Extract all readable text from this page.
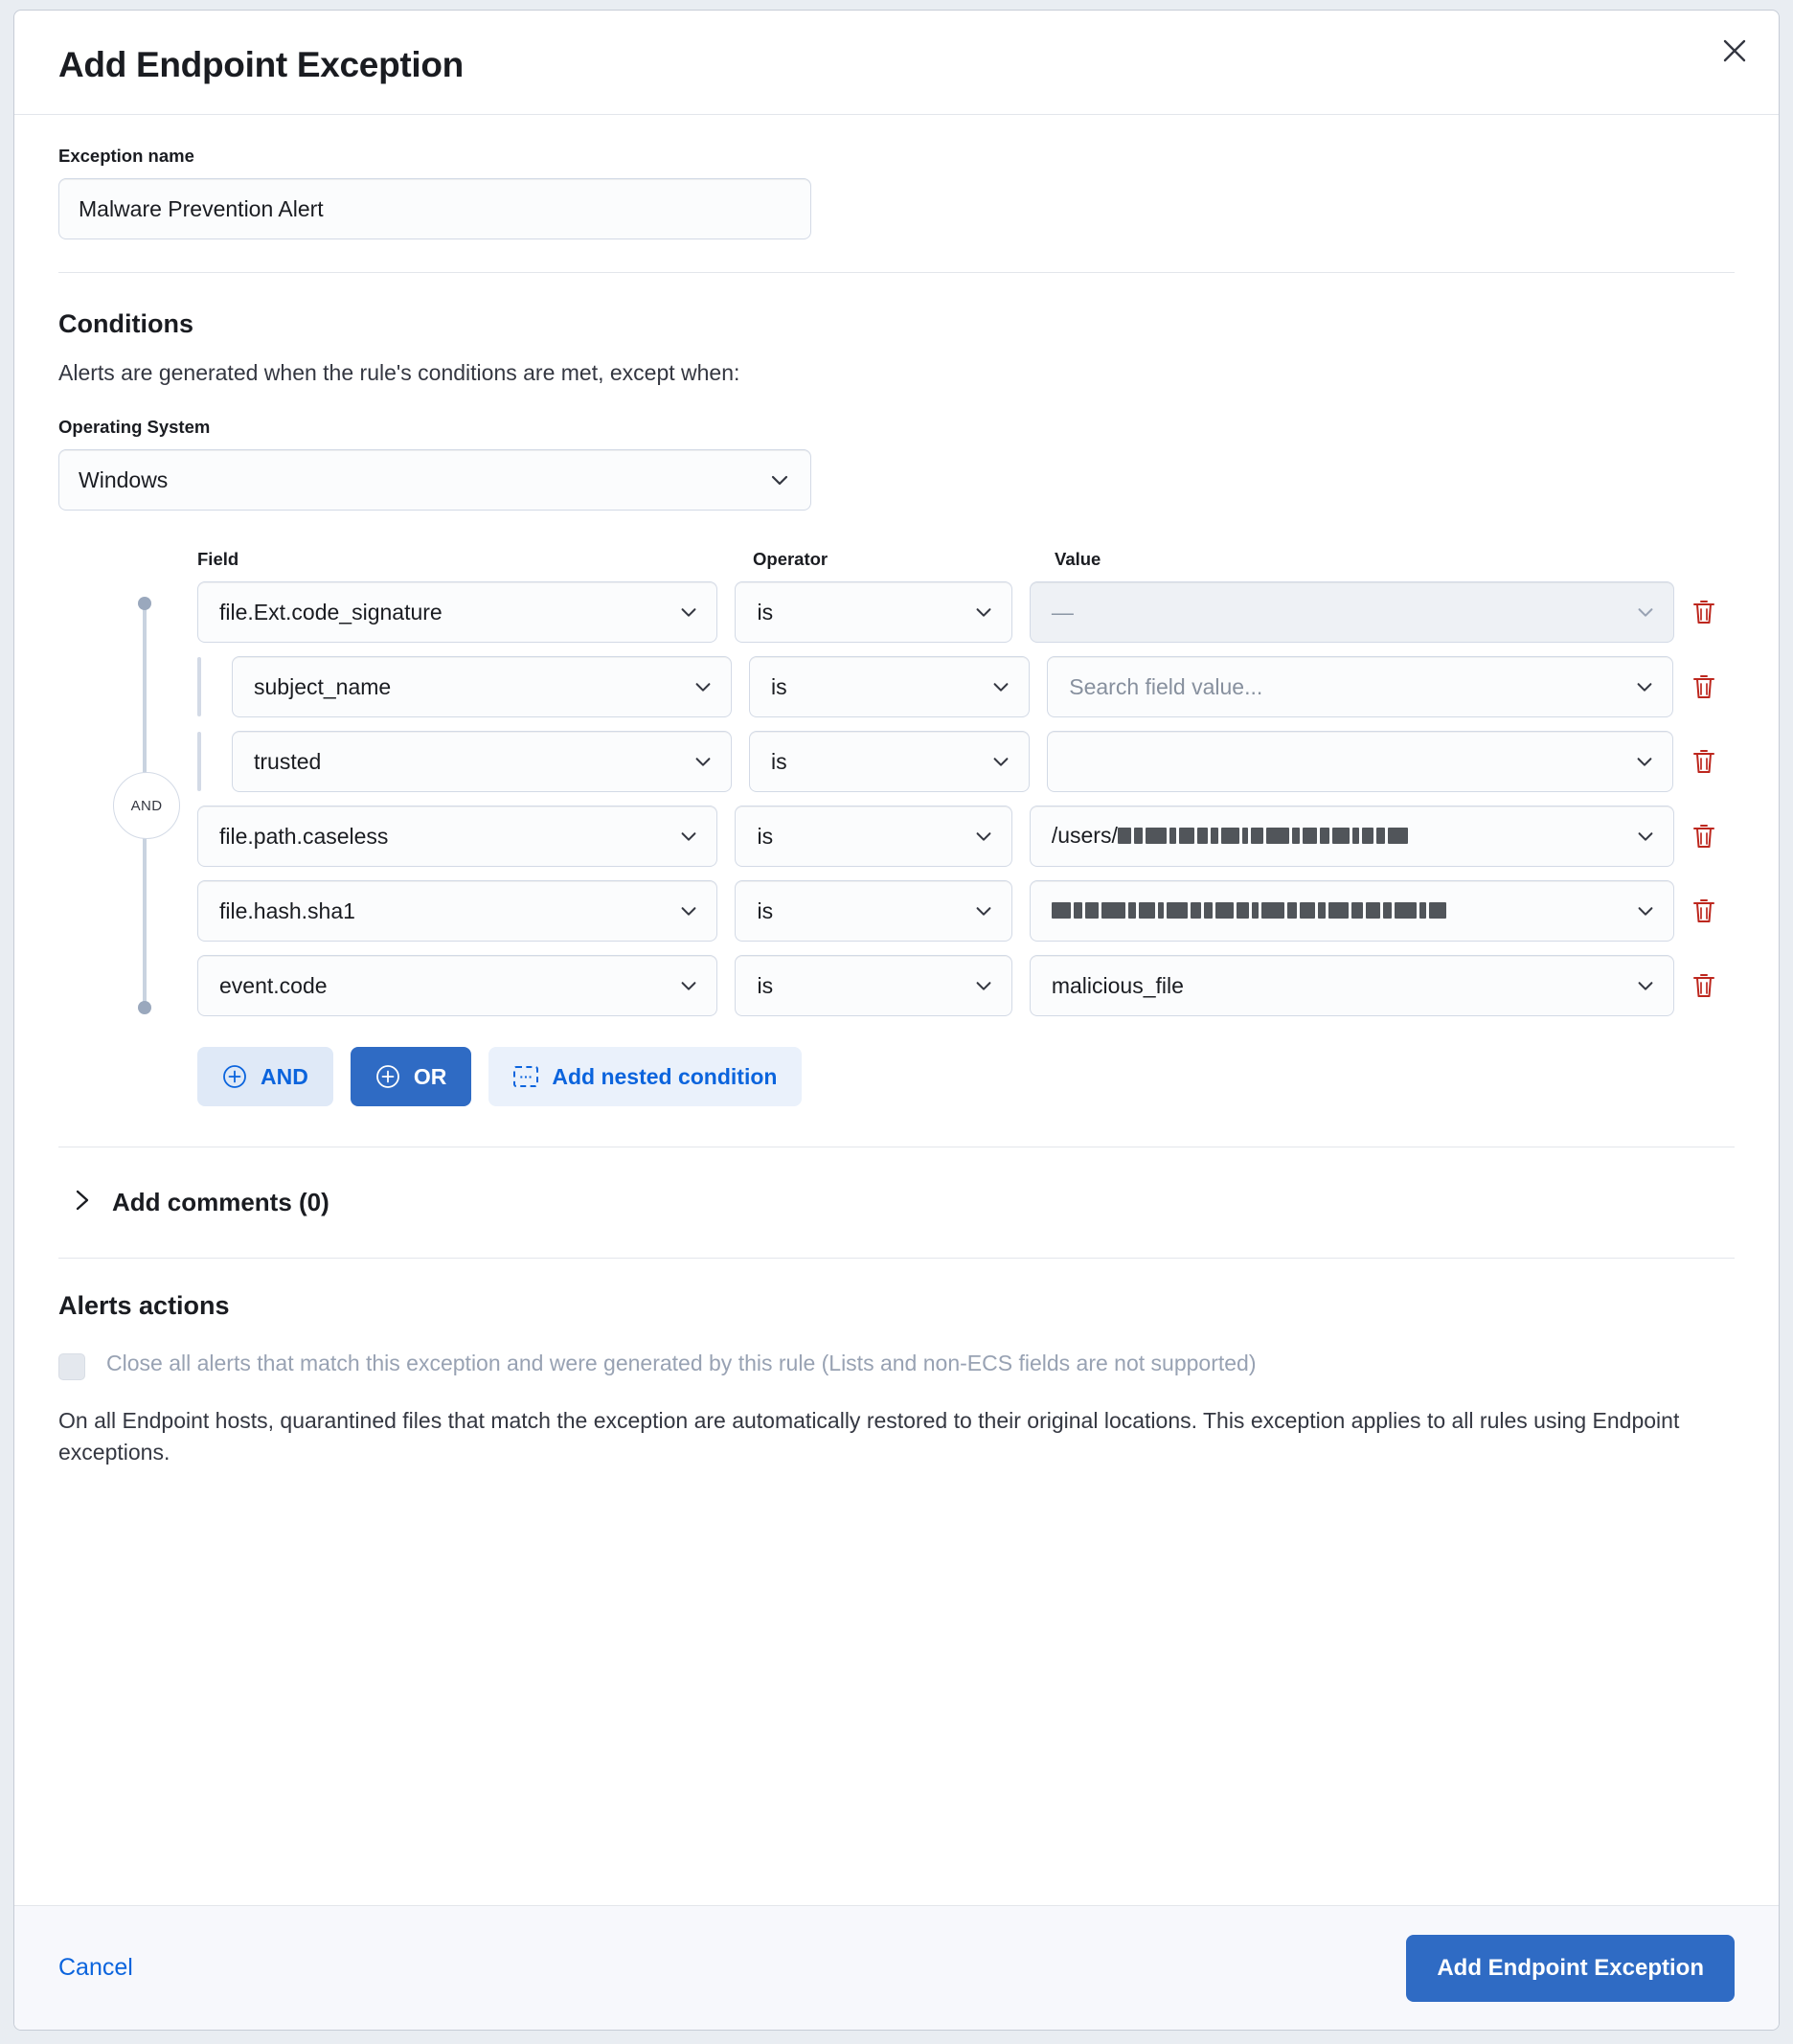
Add Endpoint Exception
Exception name
Malware Prevention Alert
Conditions
Alerts are generated when the rule's conditions are met, except when:
Operating System
Windows
Field	Operator	Value
AND
file.Ext.code_signature	is	—
subject_name	is	Search field value...
trusted	is
file.path.caseless	is	/users/
file.hash.sha1	is
event.code	is	malicious_file
AND	OR	··· Add nested condition
Add comments (0)
Alerts actions
Close all alerts that match this exception and were generated by this rule (Lists and non-ECS fields are not supported)
On all Endpoint hosts, quarantined files that match the exception are automatically restored to their original locations. This exception applies to all rules using Endpoint exceptions.
Cancel	Add Endpoint Exception
